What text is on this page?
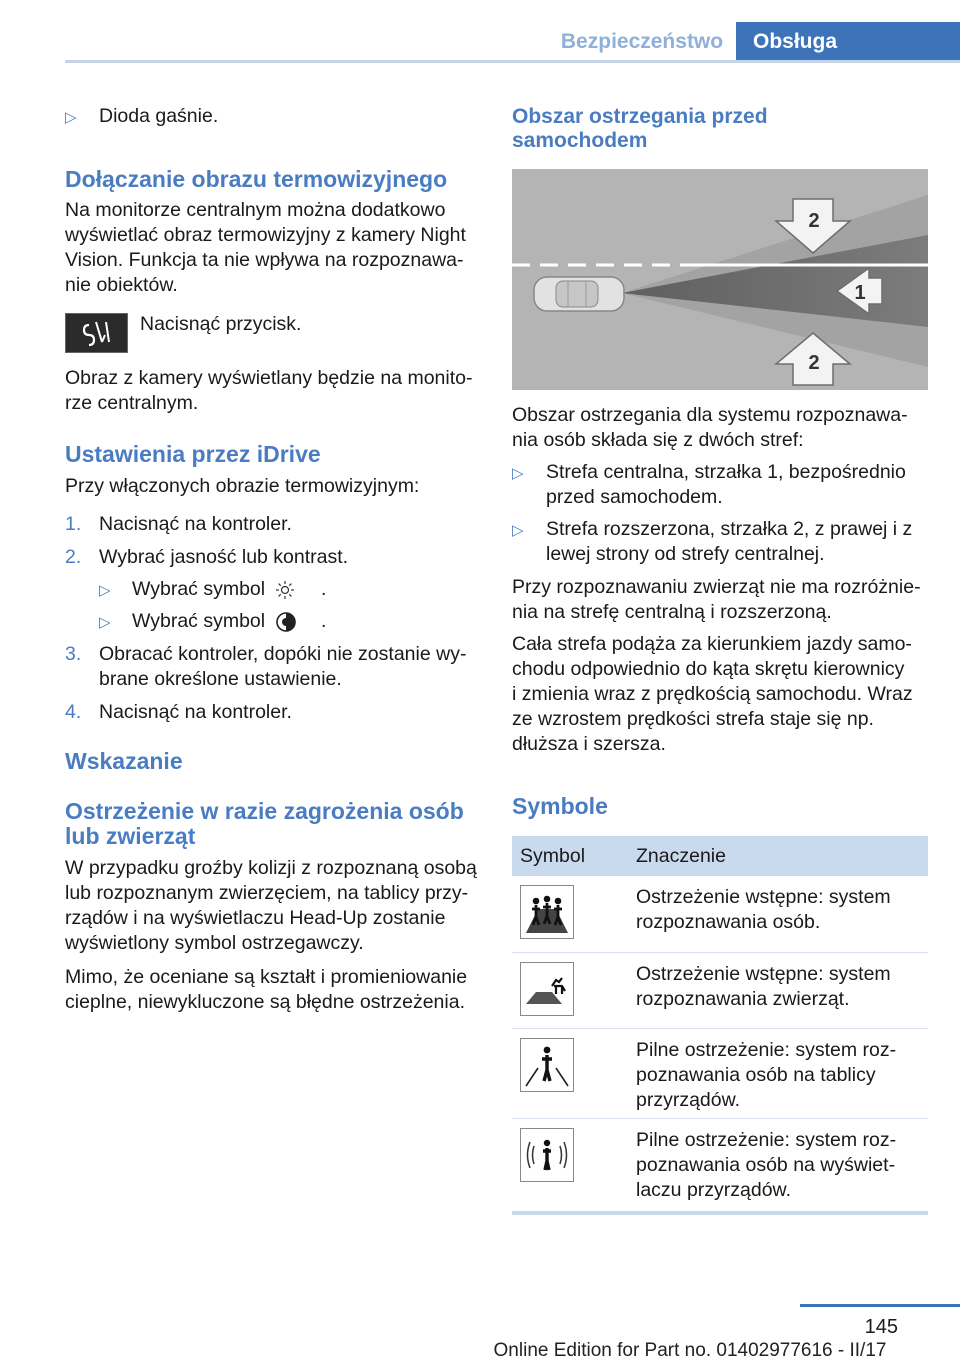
Bezpieczeństwo	Obsługa
▷ Dioda gaśnie.
Dołączanie obrazu termowizyjnego
Na monitorze centralnym można dodatkowo
wyświetlać obraz termowizyjny z kamery Night
Vision. Funkcja ta nie wpływa na rozpoznawa‐
nie obiektów.
Nacisnąć przycisk.
Obraz z kamery wyświetlany będzie na monito‐
rze centralnym.
Ustawienia przez iDrive
Przy włączonych obrazie termowizyjnym:
1. Nacisnąć na kontroler.
2. Wybrać jasność lub kontrast.
▷ Wybrać symbol	.
▷ Wybrać symbol	.
3. Obracać kontroler, dopóki nie zostanie wy‐
brane określone ustawienie.
4. Nacisnąć na kontroler.
Wskazanie
Ostrzeżenie w razie zagrożenia osób
lub zwierząt
W przypadku groźby kolizji z rozpoznaną osobą
lub rozpoznanym zwierzęciem, na tablicy przy‐
rządów i na wyświetlaczu Head-Up zostanie
wyświetlony symbol ostrzegawczy.
Mimo, że oceniane są kształt i promieniowanie
cieplne, niewykluczone są błędne ostrzeżenia.
Obszar ostrzegania przed
samochodem
2
1
2
Obszar ostrzegania dla systemu rozpoznawa‐
nia osób składa się z dwóch stref:
▷ Strefa centralna, strzałka 1, bezpośrednio
przed samochodem.
▷ Strefa rozszerzona, strzałka 2, z prawej i z
lewej strony od strefy centralnej.
Przy rozpoznawaniu zwierząt nie ma rozróżnie‐
nia na strefę centralną i rozszerzoną.
Cała strefa podąża za kierunkiem jazdy samo‐
chodu odpowiednio do kąta skrętu kierownicy
i zmienia wraz z prędkością samochodu. Wraz
ze wzrostem prędkości strefa staje się np.
dłuższa i szersza.
Symbole
Symbol	Znaczenie
Ostrzeżenie wstępne: system
rozpoznawania osób.
Ostrzeżenie wstępne: system
rozpoznawania zwierząt.
Pilne ostrzeżenie: system roz‐
poznawania osób na tablicy
przyrządów.
Pilne ostrzeżenie: system roz‐
poznawania osób na wyświet‐
laczu przyrządów.
145
Online Edition for Part no. 01402977616 - II/17
